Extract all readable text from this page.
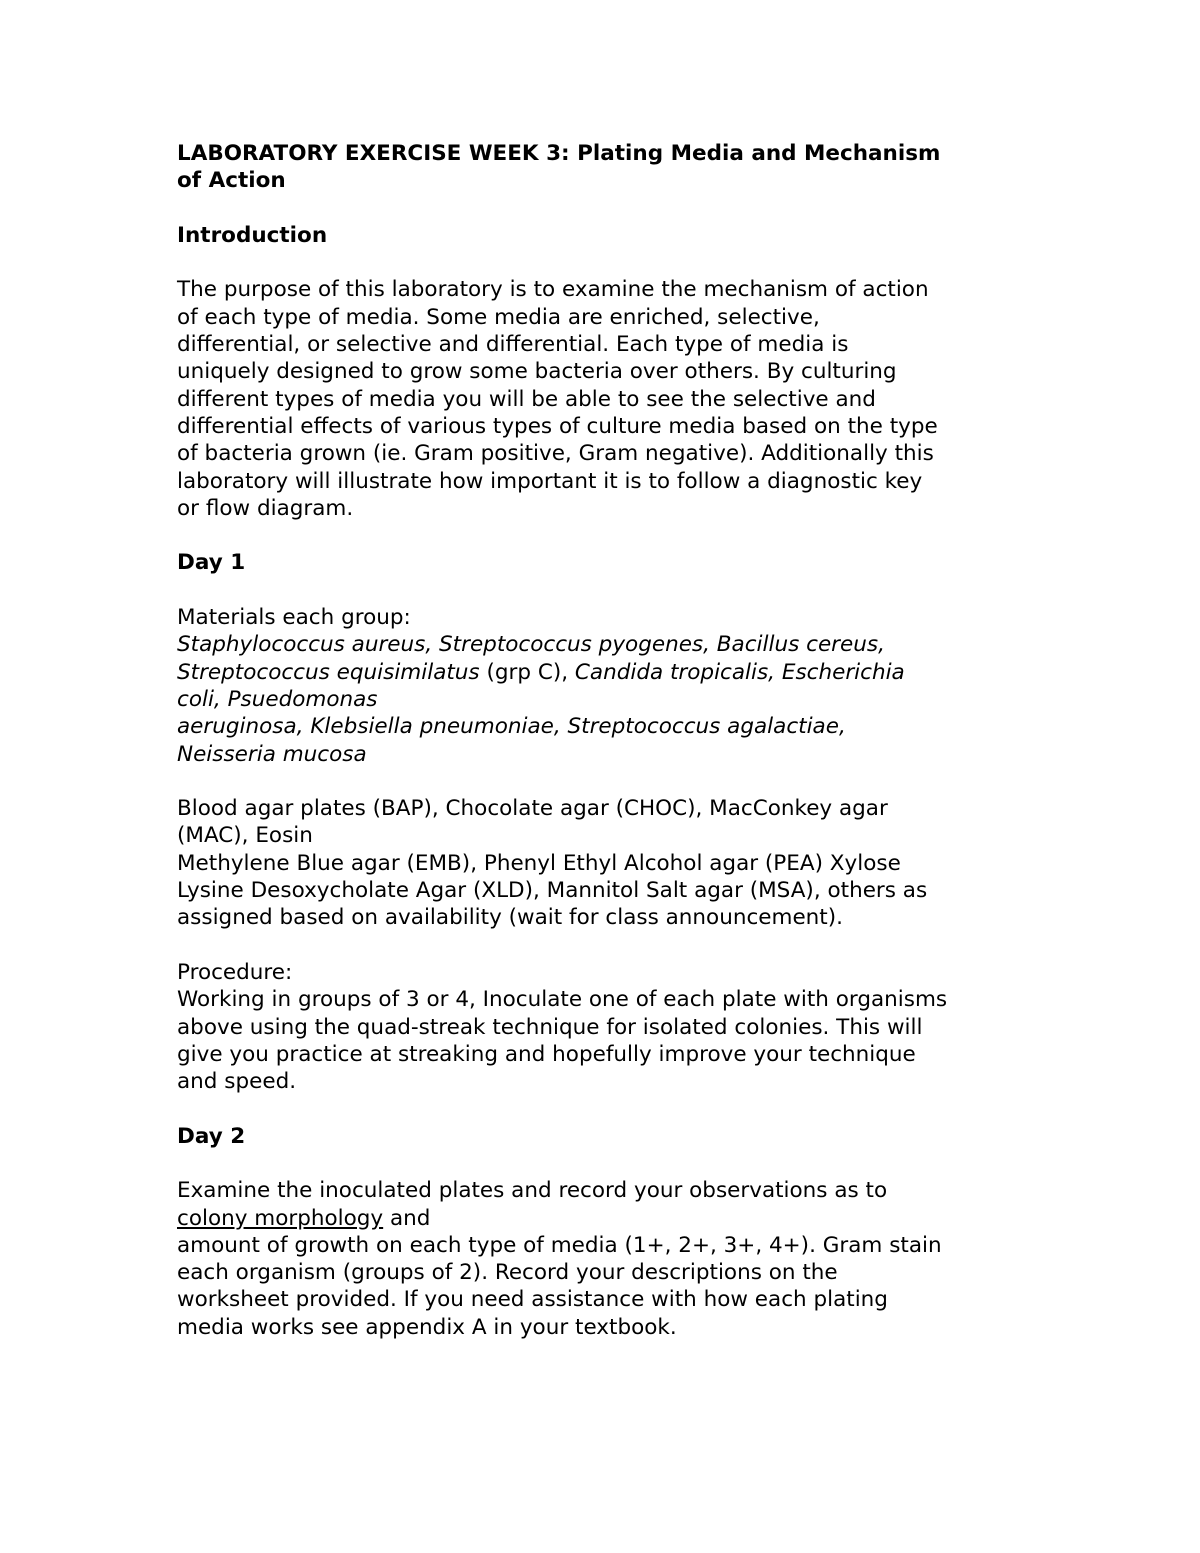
LABORATORY EXERCISE WEEK 3: Plating Media and Mechanism
of Action
Introduction
The purpose of this laboratory is to examine the mechanism of action
of each type of media. Some media are enriched, selective,
differential, or selective and differential. Each type of media is
uniquely designed to grow some bacteria over others. By culturing
different types of media you will be able to see the selective and
differential effects of various types of culture media based on the type
of bacteria grown (ie. Gram positive, Gram negative). Additionally this
laboratory will illustrate how important it is to follow a diagnostic key
or flow diagram.
Day 1
Materials each group:
Staphylococcus aureus, Streptococcus pyogenes, Bacillus cereus,
Streptococcus equisimilatus (grp C), Candida tropicalis, Escherichia
coli, Psuedomonas
aeruginosa, Klebsiella pneumoniae, Streptococcus agalactiae,
Neisseria mucosa
Blood agar plates (BAP), Chocolate agar (CHOC), MacConkey agar
(MAC), Eosin
Methylene Blue agar (EMB), Phenyl Ethyl Alcohol agar (PEA) Xylose
Lysine Desoxycholate Agar (XLD), Mannitol Salt agar (MSA), others as
assigned based on availability (wait for class announcement).
Procedure:
Working in groups of 3 or 4, Inoculate one of each plate with organisms
above using the quad-streak technique for isolated colonies. This will
give you practice at streaking and hopefully improve your technique
and speed.
Day 2
Examine the inoculated plates and record your observations as to
colony morphology and
amount of growth on each type of media (1+, 2+, 3+, 4+). Gram stain
each organism (groups of 2). Record your descriptions on the
worksheet provided. If you need assistance with how each plating
media works see appendix A in your textbook.
